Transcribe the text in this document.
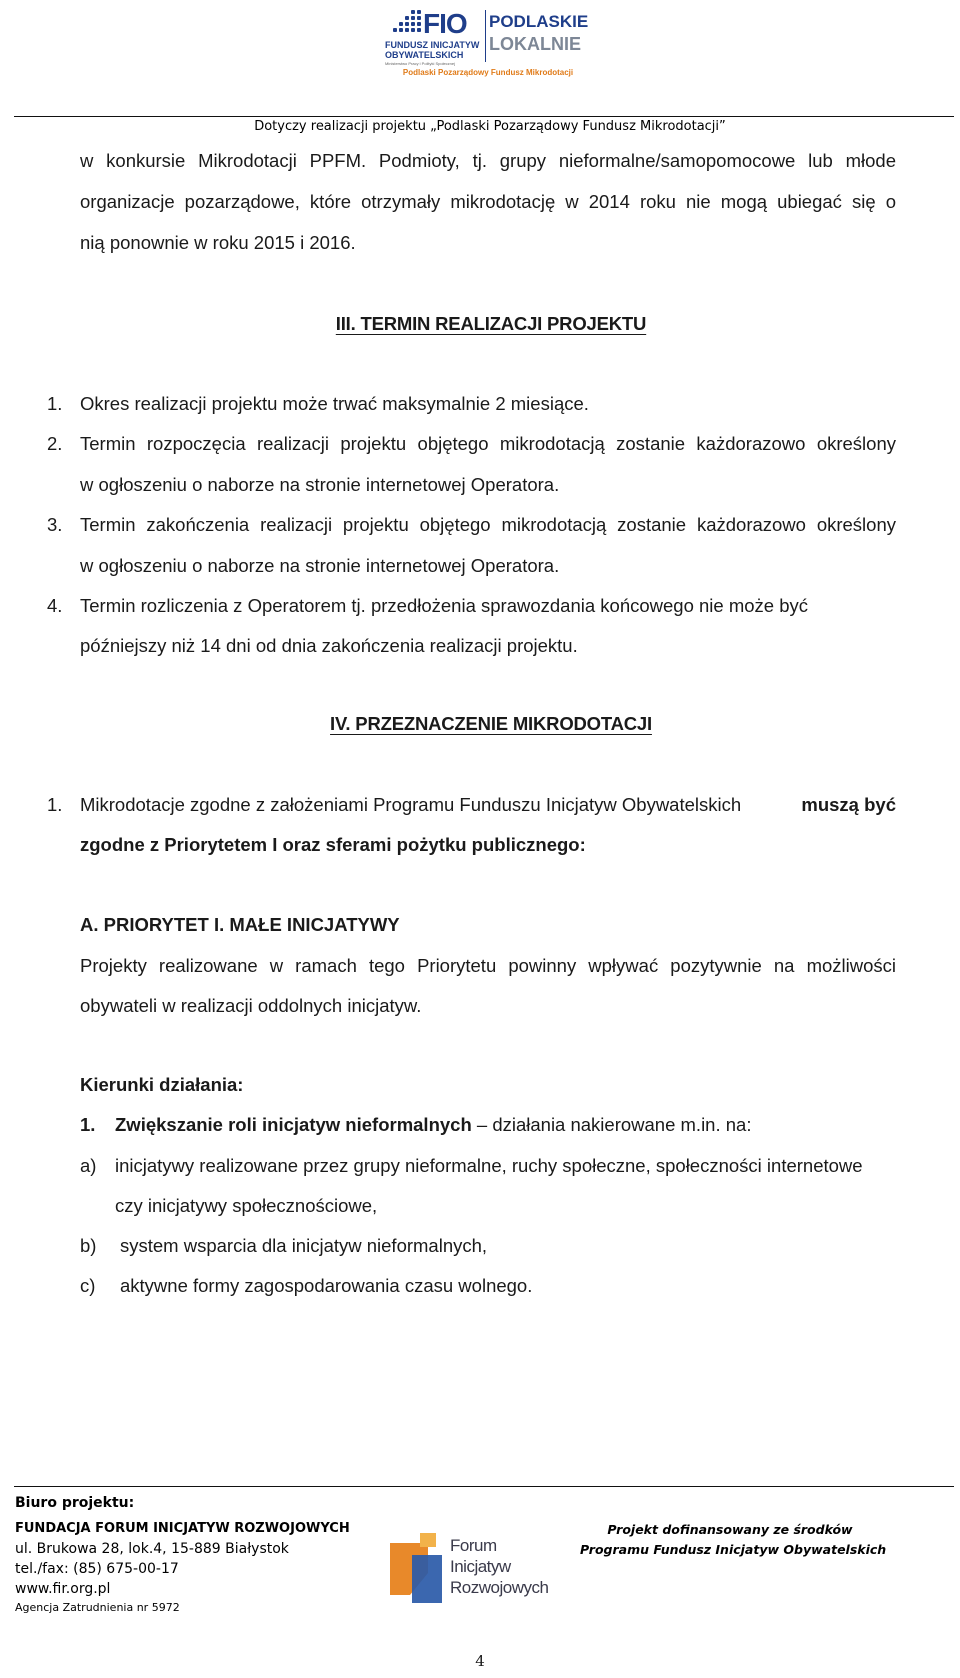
FIO
FUNDUSZ INICJATYW OBYWATELSKICH
Ministerstwo Pracy i Polityki Społecznej
PODLASKIE
LOKALNIE
Podlaski Pozarządowy Fundusz Mikrodotacji
Dotyczy realizacji projektu „Podlaski Pozarządowy Fundusz Mikrodotacji”
w konkursie Mikrodotacji PPFM. Podmioty, tj. grupy nieformalne/samopomocowe lub młode
organizacje pozarządowe, które otrzymały mikrodotację w 2014 roku nie mogą ubiegać się o
nią ponownie w roku 2015 i 2016.
III. TERMIN REALIZACJI PROJEKTU
1. Okres realizacji projektu może trwać maksymalnie 2 miesiące.
2. Termin rozpoczęcia realizacji projektu objętego mikrodotacją zostanie każdorazowo określony
w ogłoszeniu o naborze na stronie internetowej Operatora.
3. Termin zakończenia realizacji projektu objętego mikrodotacją zostanie każdorazowo określony
w ogłoszeniu o naborze na stronie internetowej Operatora.
4. Termin rozliczenia z Operatorem tj. przedłożenia sprawozdania końcowego nie może być
późniejszy niż 14 dni od dnia zakończenia realizacji projektu.
IV. PRZEZNACZENIE MIKRODOTACJI
1. Mikrodotacje zgodne z założeniami Programu Funduszu Inicjatyw Obywatelskich	muszą być
zgodne z Priorytetem I oraz sferami pożytku publicznego:
A. PRIORYTET I. MAŁE INICJATYWY
Projekty realizowane w ramach tego Priorytetu powinny wpływać pozytywnie na możliwości
obywateli w realizacji oddolnych inicjatyw.
Kierunki działania:
1. Zwiększanie roli inicjatyw nieformalnych – działania nakierowane m.in. na:
a) inicjatywy realizowane przez grupy nieformalne, ruchy społeczne, społeczności internetowe
czy inicjatywy społecznościowe,
b) system wsparcia dla inicjatyw nieformalnych,
c) aktywne formy zagospodarowania czasu wolnego.
Biuro projektu:
FUNDACJA FORUM INICJATYW ROZWOJOWYCH
ul. Brukowa 28, lok.4, 15-889 Białystok
tel./fax: (85) 675-00-17
www.fir.org.pl
Agencja Zatrudnienia nr 5972
Forum
Inicjatyw
Rozwojowych
Projekt dofinansowany ze środków
Programu Fundusz Inicjatyw Obywatelskich
4
